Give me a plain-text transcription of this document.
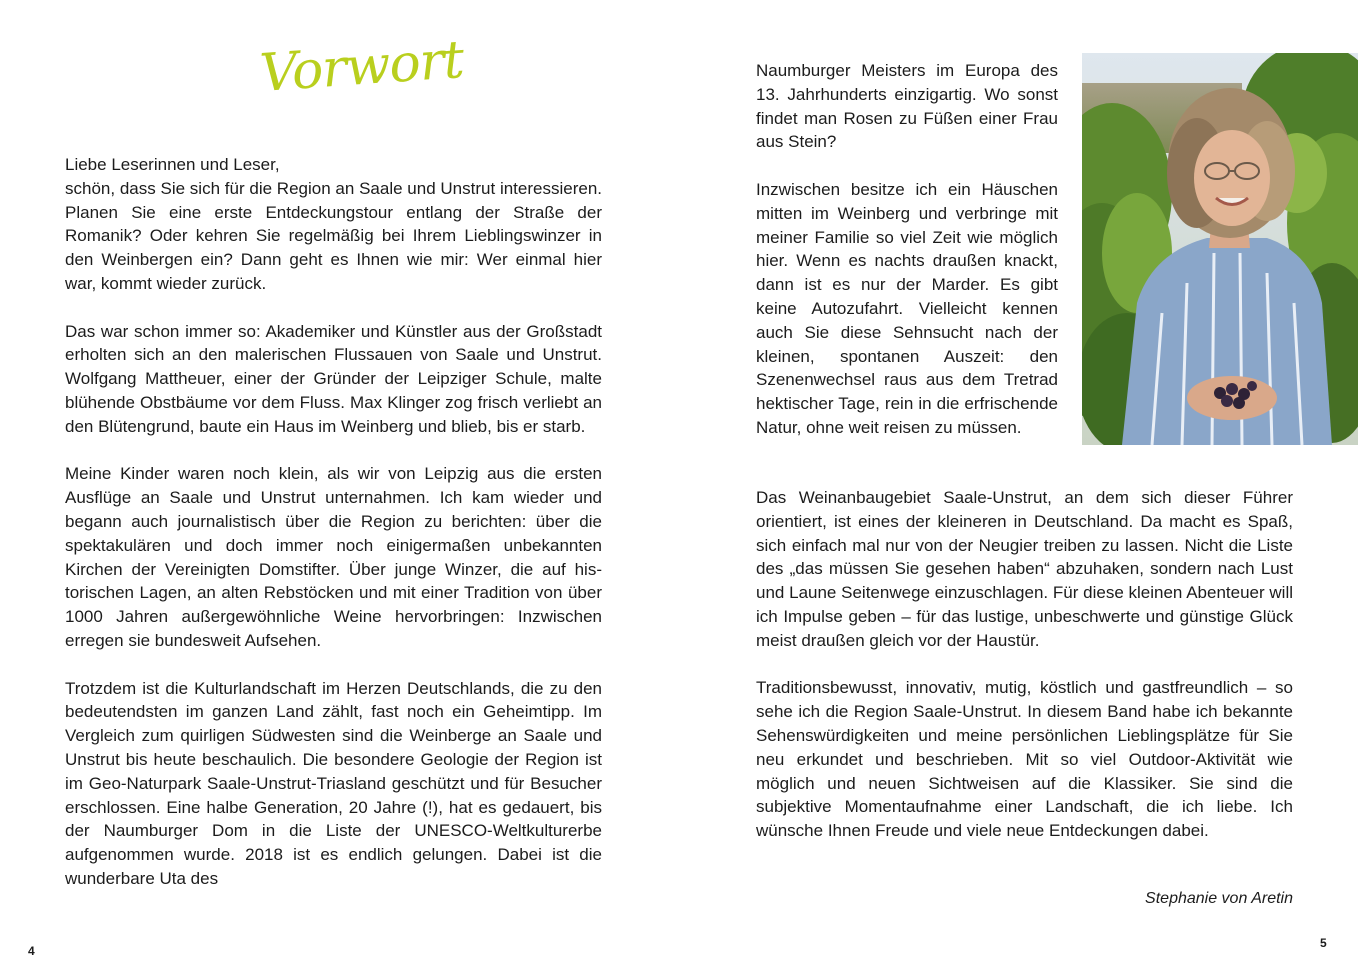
Vorwort

Liebe Leserinnen und Leser,

schön, dass Sie sich für die Region an Saale und Unstrut interessieren. Planen Sie eine erste Entdeckungstour entlang der Straße der Romanik? Oder kehren Sie regelmäßig bei Ihrem Lieblingswinzer in den Weinbergen ein? Dann geht es Ihnen wie mir: Wer einmal hier war, kommt wieder zurück.

Das war schon immer so: Akademiker und Künstler aus der Großstadt erholten sich an den malerischen Flussauen von Saale und Unstrut. Wolfgang Mattheuer, einer der Gründer der Leipziger Schule, malte blühende Obstbäume vor dem Fluss. Max Klinger zog frisch verliebt an den Blütengrund, baute ein Haus im Weinberg und blieb, bis er starb.

Meine Kinder waren noch klein, als wir von Leipzig aus die ersten Ausflüge an Saale und Unstrut unternahmen. Ich kam wieder und begann auch journalistisch über die Region zu berichten: über die spektakulären und doch immer noch einigermaßen unbekannten Kirchen der Vereinigten Domstifter. Über junge Winzer, die auf historischen Lagen, an alten Rebstöcken und mit einer Tradition von über 1000 Jahren außergewöhnliche Weine hervorbringen: Inzwischen erregen sie bundesweit Aufsehen.

Trotzdem ist die Kulturlandschaft im Herzen Deutschlands, die zu den bedeutendsten im ganzen Land zählt, fast noch ein Geheimtipp. Im Vergleich zum quirligen Südwesten sind die Weinberge an Saale und Unstrut bis heute beschaulich. Die besondere Geologie der Region ist im Geo-Naturpark Saale-Unstrut-Triasland geschützt und für Besucher erschlossen. Eine halbe Generation, 20 Jahre (!), hat es gedauert, bis der Naumburger Dom in die Liste der UNESCO-Weltkulturerbe aufgenommen wurde. 2018 ist es endlich gelungen. Dabei ist die wunderbare Uta des

4

Naumburger Meisters im Europa des 13. Jahrhunderts einzigartig. Wo sonst findet man Rosen zu Füßen einer Frau aus Stein?

Inzwischen besitze ich ein Häuschen mitten im Weinberg und verbringe mit meiner Familie so viel Zeit wie möglich hier. Wenn es nachts draußen knackt, dann ist es nur der Marder. Es gibt keine Autozufahrt. Vielleicht kennen auch Sie diese Sehnsucht nach der kleinen, spontanen Auszeit: den Szenenwechsel raus aus dem Tretrad hektischer Tage, rein in die erfrischende Natur, ohne weit reisen zu müssen.

Das Weinanbaugebiet Saale-Unstrut, an dem sich dieser Führer orientiert, ist eines der kleineren in Deutschland. Da macht es Spaß, sich einfach mal nur von der Neugier treiben zu lassen. Nicht die Liste des „das müssen Sie gesehen haben“ abzuhaken, sondern nach Lust und Laune Seitenwege einzuschlagen. Für diese kleinen Abenteuer will ich Impulse geben – für das lustige, unbeschwerte und günstige Glück meist draußen gleich vor der Haustür.

Traditionsbewusst, innovativ, mutig, köstlich und gastfreundlich – so sehe ich die Region Saale-Unstrut. In diesem Band habe ich bekannte Sehenswürdigkeiten und meine persönlichen Lieblingsplätze für Sie neu erkundet und beschrieben. Mit so viel Outdoor-Aktivität wie möglich und neuen Sichtweisen auf die Klassiker. Sie sind die subjektive Momentaufnahme einer Landschaft, die ich liebe. Ich wünsche Ihnen Freude und viele neue Entdeckungen dabei.

Stephanie von Aretin
5
